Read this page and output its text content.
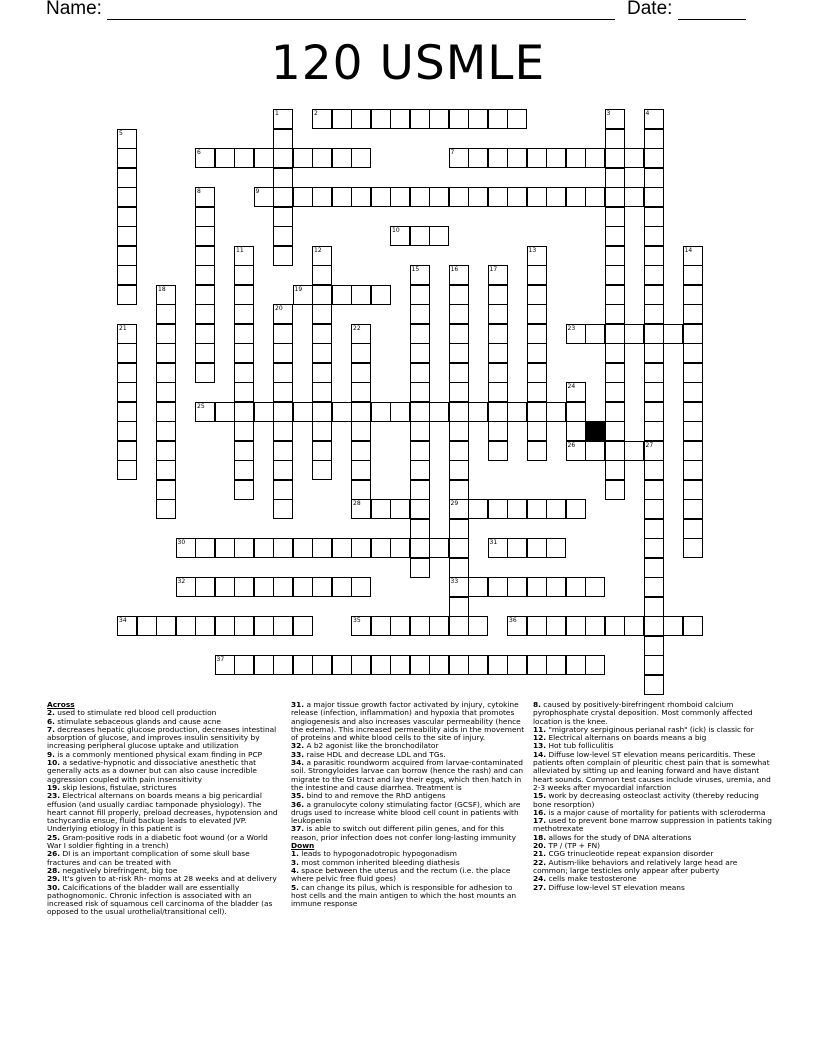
Name:	Date:
120 USMLE
1	2	3	4
5
6	7
8	9
10
11	12	13	14
15	16	17
18	19
20
21	22	23
24
25
26	27
28	29
30	31
32	33
34	35	36
37
Across
2. used to stimulate red blood cell production
6. stimulate sebaceous glands and cause acne
7. decreases hepatic glucose production, decreases intestinal absorption of glucose, and improves insulin sensitivity by increasing peripheral glucose uptake and utilization
9. is a commonly mentioned physical exam finding in PCP
10. a sedative-hypnotic and dissociative anesthetic that generally acts as a downer but can also cause incredible aggression coupled with pain insensitivity
19. skip lesions, fistulae, strictures
23. Electrical alternans on boards means a big pericardial effusion (and usually cardiac tamponade physiology). The heart cannot fill properly, preload decreases, hypotension and tachycardia ensue, fluid backup leads to elevated JVP. Underlying etiology in this patient is
25. Gram-positive rods in a diabetic foot wound (or a World War I soldier fighting in a trench)
26. DI is an important complication of some skull base fractures and can be treated with
28. negatively birefringent, big toe
29. It's given to at-risk Rh- moms at 28 weeks and at delivery
30. Calcifications of the bladder wall are essentially pathognomonic. Chronic infection is associated with an increased risk of squamous cell carcinoma of the bladder (as opposed to the usual urothelial/transitional cell).
31. a major tissue growth factor activated by injury, cytokine release (infection, inflammation) and hypoxia that promotes angiogenesis and also increases vascular permeability (hence the edema). This increased permeability aids in the movement of proteins and white blood cells to the site of injury.
32. A b2 agonist like the bronchodilator
33. raise HDL and decrease LDL and TGs.
34. a parasitic roundworm acquired from larvae-contaminated soil. Strongyloides larvae can borrow (hence the rash) and can migrate to the GI tract and lay their eggs, which then hatch in the intestine and cause diarrhea. Treatment is
35. bind to and remove the RhD antigens
36. a granulocyte colony stimulating factor (GCSF), which are drugs used to increase white blood cell count in patients with leukopenia
37. is able to switch out different pilin genes, and for this reason, prior infection does not confer long-lasting immunity
Down
1. leads to hypogonadotropic hypogonadism
3. most common inherited bleeding diathesis
4. space between the uterus and the rectum (i.e. the place where pelvic free fluid goes)
5. can change its pilus, which is responsible for adhesion to host cells and the main antigen to which the host mounts an immune response
8. caused by positively-birefringent rhomboid calcium pyrophosphate crystal deposition. Most commonly affected location is the knee.
11. "migratory serpiginous perianal rash" (ick) is classic for
12. Electrical alternans on boards means a big
13. Hot tub folliculitis
14. Diffuse low-level ST elevation means pericarditis. These patients often complain of pleuritic chest pain that is somewhat alleviated by sitting up and leaning forward and have distant heart sounds. Common test causes include viruses, uremia, and 2-3 weeks after myocardial infarction
15. work by decreasing osteoclast activity (thereby reducing bone resorption)
16. is a major cause of mortality for patients with scleroderma
17. used to prevent bone marrow suppression in patients taking methotrexate
18. allows for the study of DNA alterations
20. TP / (TP + FN)
21. CGG trinucleotide repeat expansion disorder
22. Autism-like behaviors and relatively large head are common; large testicles only appear after puberty
24. cells make testosterone
27. Diffuse low-level ST elevation means
